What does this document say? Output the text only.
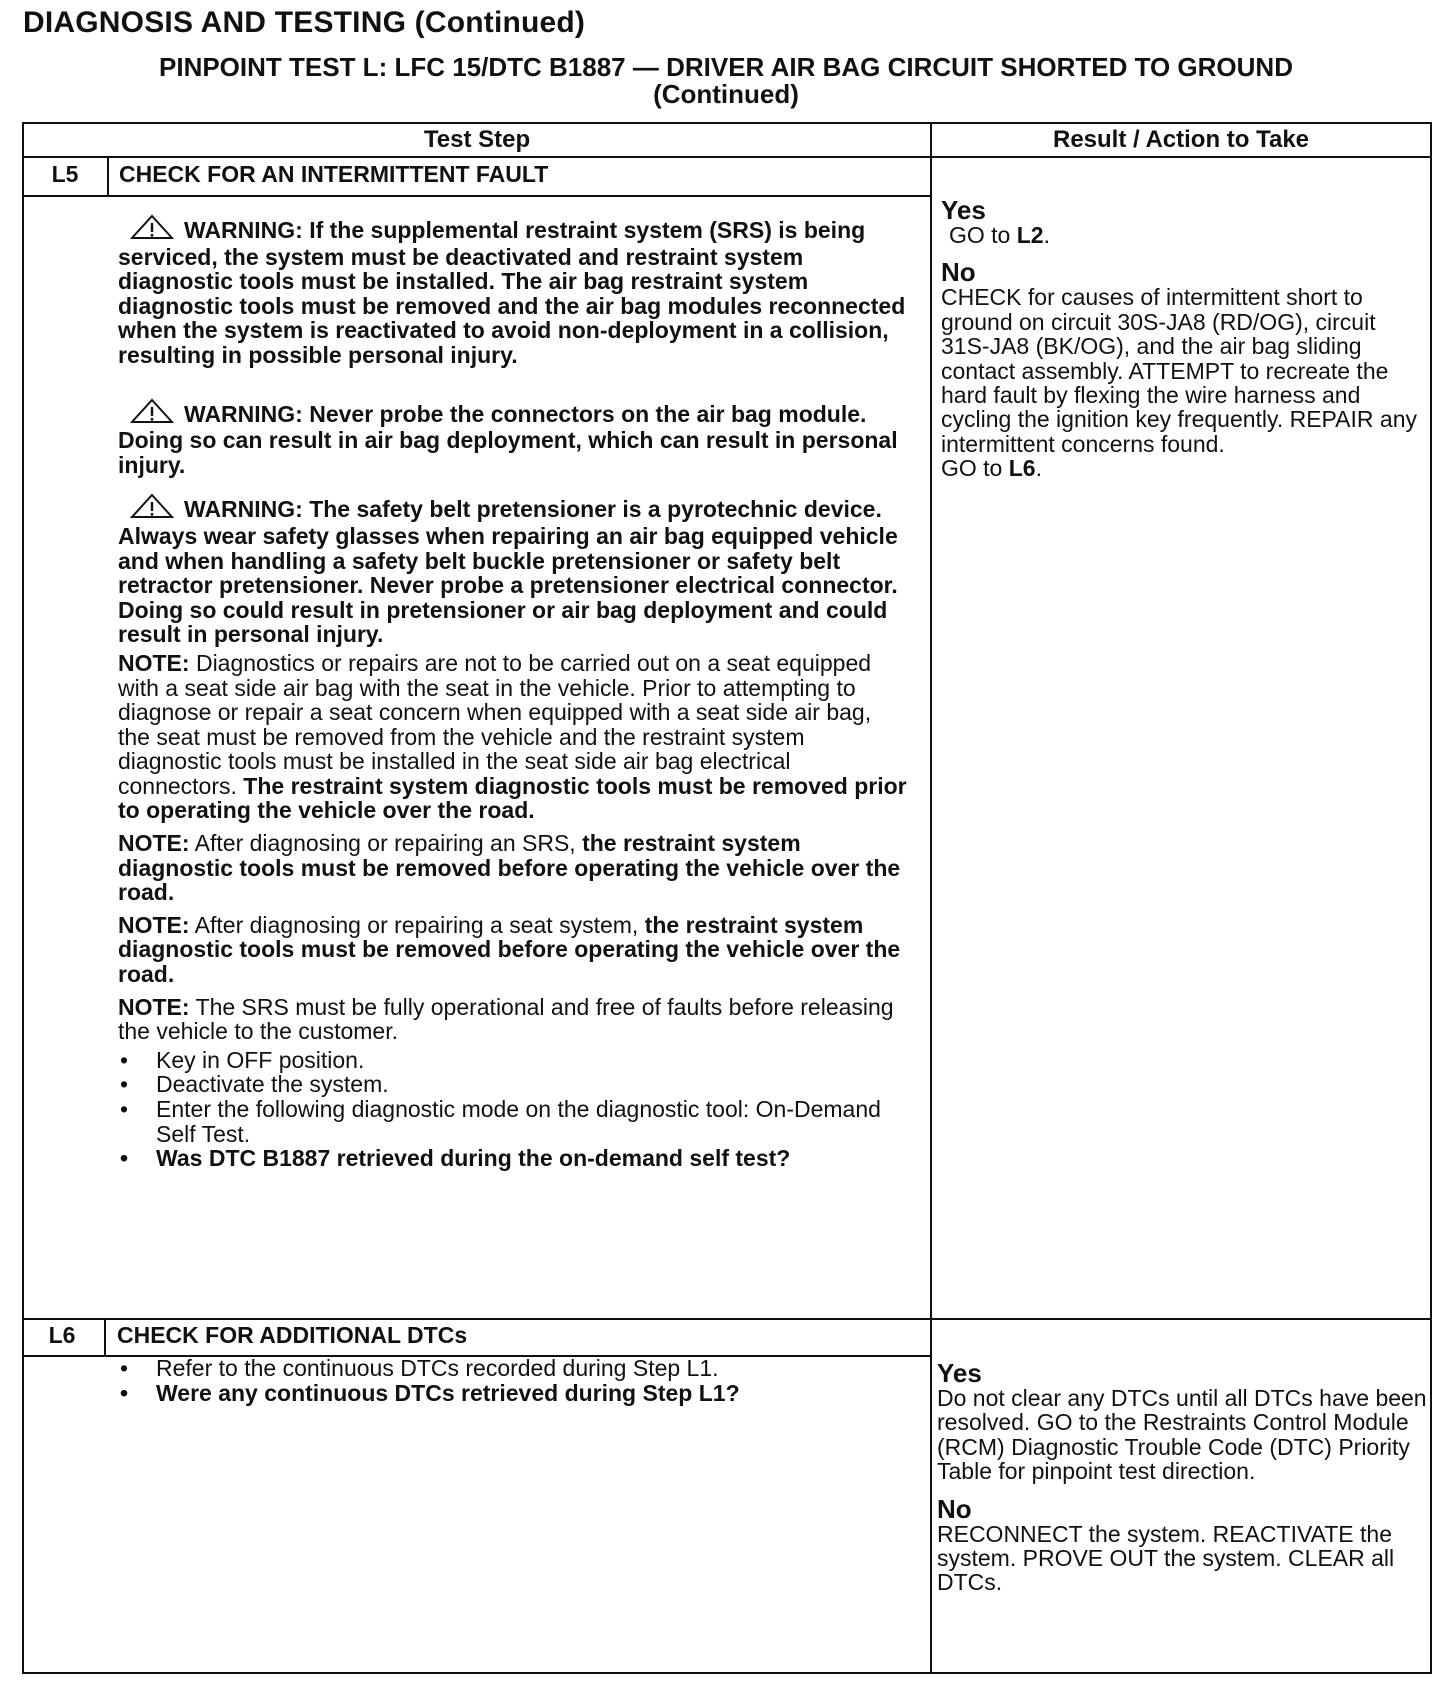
DIAGNOSIS AND TESTING (Continued)
PINPOINT TEST L: LFC 15/DTC B1887 — DRIVER AIR BAG CIRCUIT SHORTED TO GROUND
(Continued)
Test Step	Result / Action to Take
L5	CHECK FOR AN INTERMITTENT FAULT

WARNING: If the supplemental restraint system (SRS) is being serviced, the system must be deactivated and restraint system diagnostic tools must be installed. The air bag restraint system diagnostic tools must be removed and the air bag modules reconnected when the system is reactivated to avoid non-deployment in a collision, resulting in possible personal injury.

WARNING: Never probe the connectors on the air bag module. Doing so can result in air bag deployment, which can result in personal injury.

WARNING: The safety belt pretensioner is a pyrotechnic device. Always wear safety glasses when repairing an air bag equipped vehicle and when handling a safety belt buckle pretensioner or safety belt retractor pretensioner. Never probe a pretensioner electrical connector. Doing so could result in pretensioner or air bag deployment and could result in personal injury.

NOTE: Diagnostics or repairs are not to be carried out on a seat equipped with a seat side air bag with the seat in the vehicle. Prior to attempting to diagnose or repair a seat concern when equipped with a seat side air bag, the seat must be removed from the vehicle and the restraint system diagnostic tools must be installed in the seat side air bag electrical connectors. The restraint system diagnostic tools must be removed prior to operating the vehicle over the road.

NOTE: After diagnosing or repairing an SRS, the restraint system diagnostic tools must be removed before operating the vehicle over the road.

NOTE: After diagnosing or repairing a seat system, the restraint system diagnostic tools must be removed before operating the vehicle over the road.

NOTE: The SRS must be fully operational and free of faults before releasing the vehicle to the customer.

• Key in OFF position.
• Deactivate the system.
• Enter the following diagnostic mode on the diagnostic tool: On-Demand Self Test.
• Was DTC B1887 retrieved during the on-demand self test?

Yes

GO to L2.

No

CHECK for causes of intermittent short to ground on circuit 30S-JA8 (RD/OG), circuit 31S-JA8 (BK/OG), and the air bag sliding contact assembly. ATTEMPT to recreate the hard fault by flexing the wire harness and cycling the ignition key frequently. REPAIR any intermittent concerns found.

GO to L6.

L6	CHECK FOR ADDITIONAL DTCs
• Refer to the continuous DTCs recorded during Step L1.
• Were any continuous DTCs retrieved during Step L1?

Yes

Do not clear any DTCs until all DTCs have been resolved. GO to the Restraints Control Module (RCM) Diagnostic Trouble Code (DTC) Priority Table for pinpoint test direction.

No

RECONNECT the system. REACTIVATE the system. PROVE OUT the system. CLEAR all DTCs.
